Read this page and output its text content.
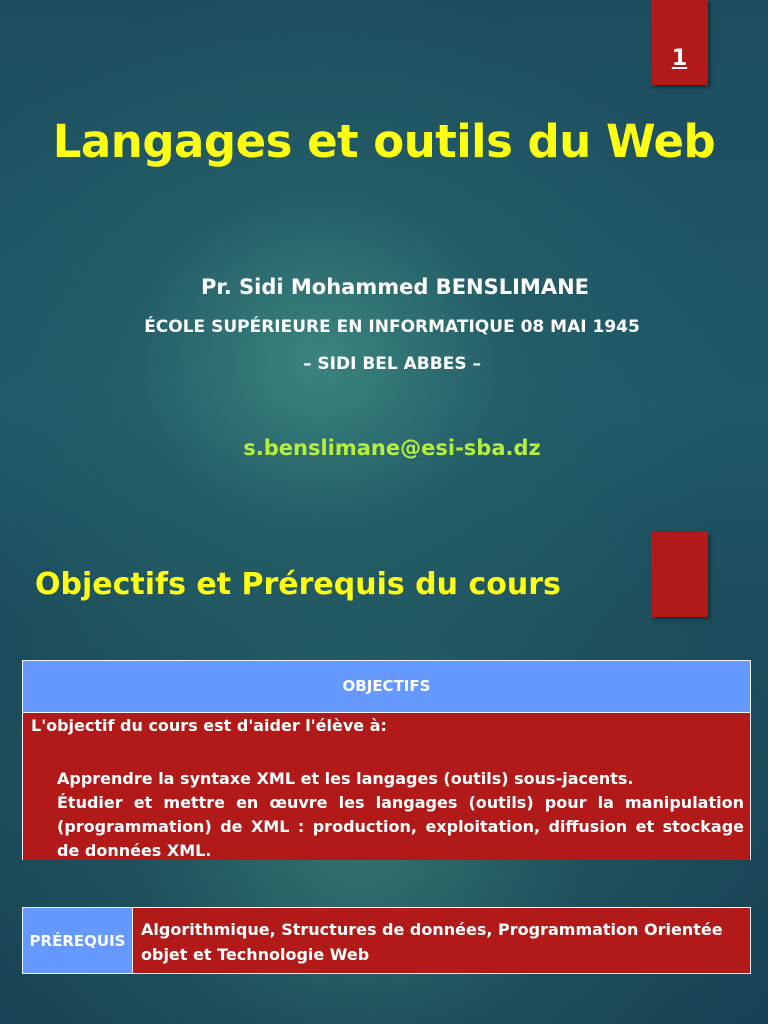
1
Langages et outils du Web
Pr. Sidi Mohammed BENSLIMANE
ÉCOLE SUPÉRIEURE EN INFORMATIQUE 08 MAI 1945
– SIDI BEL ABBES –
s.benslimane@esi-sba.dz
Objectifs et Prérequis du cours
OBJECTIFS
L'objectif du cours est d'aider l'élève à:
Apprendre la syntaxe XML et les langages (outils) sous-jacents.
Étudier et mettre en œuvre les langages (outils) pour la manipulation (programmation) de XML : production, exploitation, diffusion et stockage de données XML.
PRÉREQUIS
Algorithmique, Structures de données, Programmation Orientée objet et Technologie Web
